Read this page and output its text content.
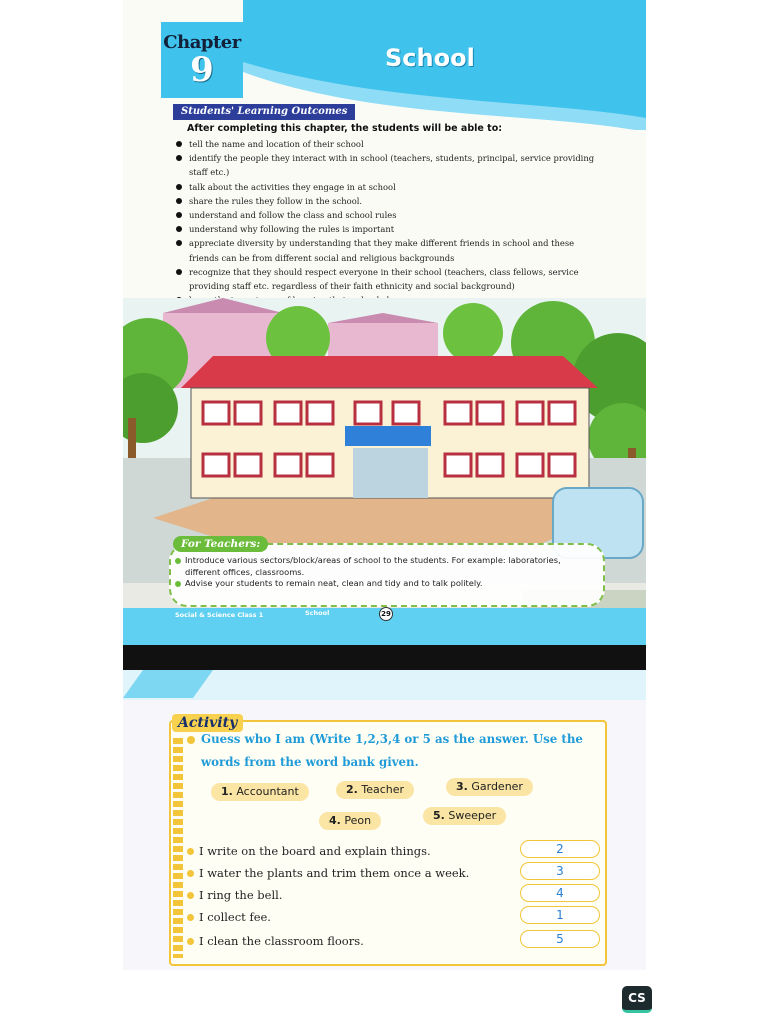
Chapter
9	School
Students' Learning Outcomes
After completing this chapter, the students will be able to:
tell the name and location of their school
identify the people they interact with in school (teachers, students, principal, service providing staff etc.)
talk about the activities they engage in at school
share the rules they follow in the school.
understand and follow the class and school rules
understand why following the rules is important
appreciate diversity by understanding that they make different friends in school and these friends can be from different social and religious backgrounds
recognize that they should respect everyone in their school (teachers, class fellows, service providing staff etc. regardless of their faith ethnicity and social background)
For Teachers:
Introduce various sectors/block/areas of school to the students. For example: laboratories, different offices, classrooms.
Advise your students to remain neat, clean and tidy and to talk politely.
Social & Science Class 1	School	29
Activity
Guess who I am (Write 1,2,3,4 or 5 as the answer. Use the words from the word bank given.
1. Accountant	2. Teacher	3. Gardener
4. Peon	5. Sweeper
I write on the board and explain things.	2
I water the plants and trim them once a week.	3
I ring the bell.	4
I collect fee.	1
I clean the classroom floors.	5
CS
